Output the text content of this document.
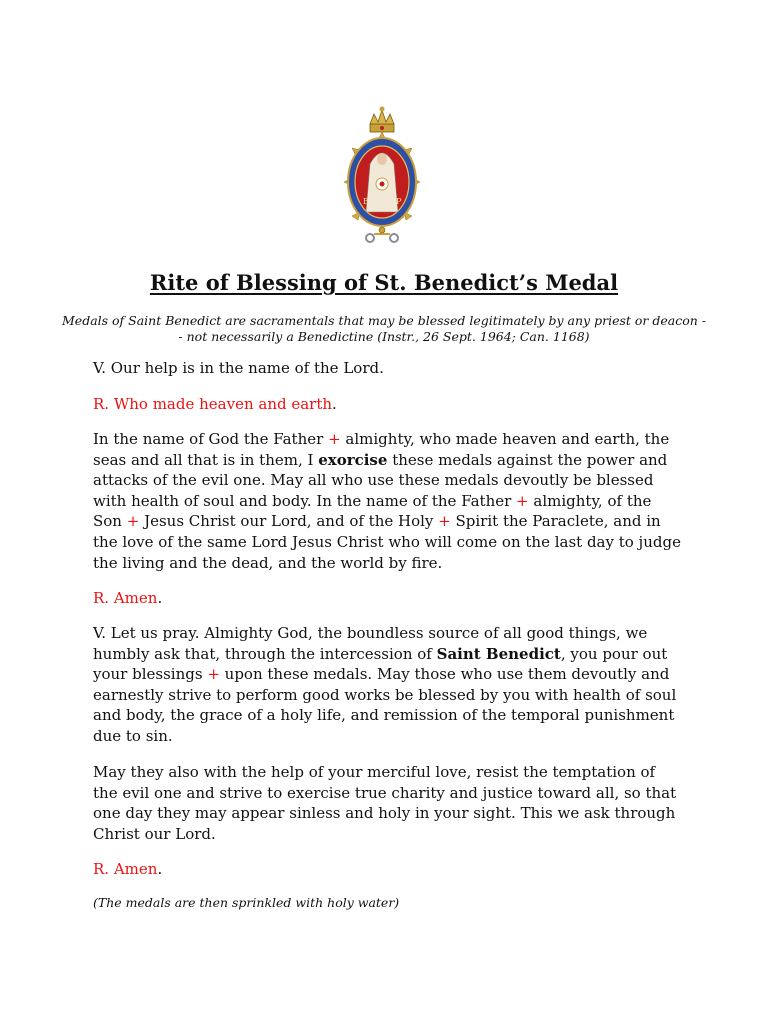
E	P
Rite of Blessing of St. Benedict’s Medal
Medals of Saint Benedict are sacramentals that may be blessed legitimately by any priest or deacon -- not necessarily a Benedictine (Instr., 26 Sept. 1964; Can. 1168)

V. Our help is in the name of the Lord.

R. Who made heaven and earth.

In the name of God the Father + almighty, who made heaven and earth, the seas and all that is in them, I exorcise these medals against the power and attacks of the evil one. May all who use these medals devoutly be blessed with health of soul and body. In the name of the Father + almighty, of the Son + Jesus Christ our Lord, and of the Holy + Spirit the Paraclete, and in the love of the same Lord Jesus Christ who will come on the last day to judge the living and the dead, and the world by fire.

R. Amen.

V. Let us pray. Almighty God, the boundless source of all good things, we humbly ask that, through the intercession of Saint Benedict, you pour out your blessings + upon these medals. May those who use them devoutly and earnestly strive to perform good works be blessed by you with health of soul and body, the grace of a holy life, and remission of the temporal punishment due to sin.

May they also with the help of your merciful love, resist the temptation of the evil one and strive to exercise true charity and justice toward all, so that one day they may appear sinless and holy in your sight. This we ask through Christ our Lord.

R. Amen.

(The medals are then sprinkled with holy water)
